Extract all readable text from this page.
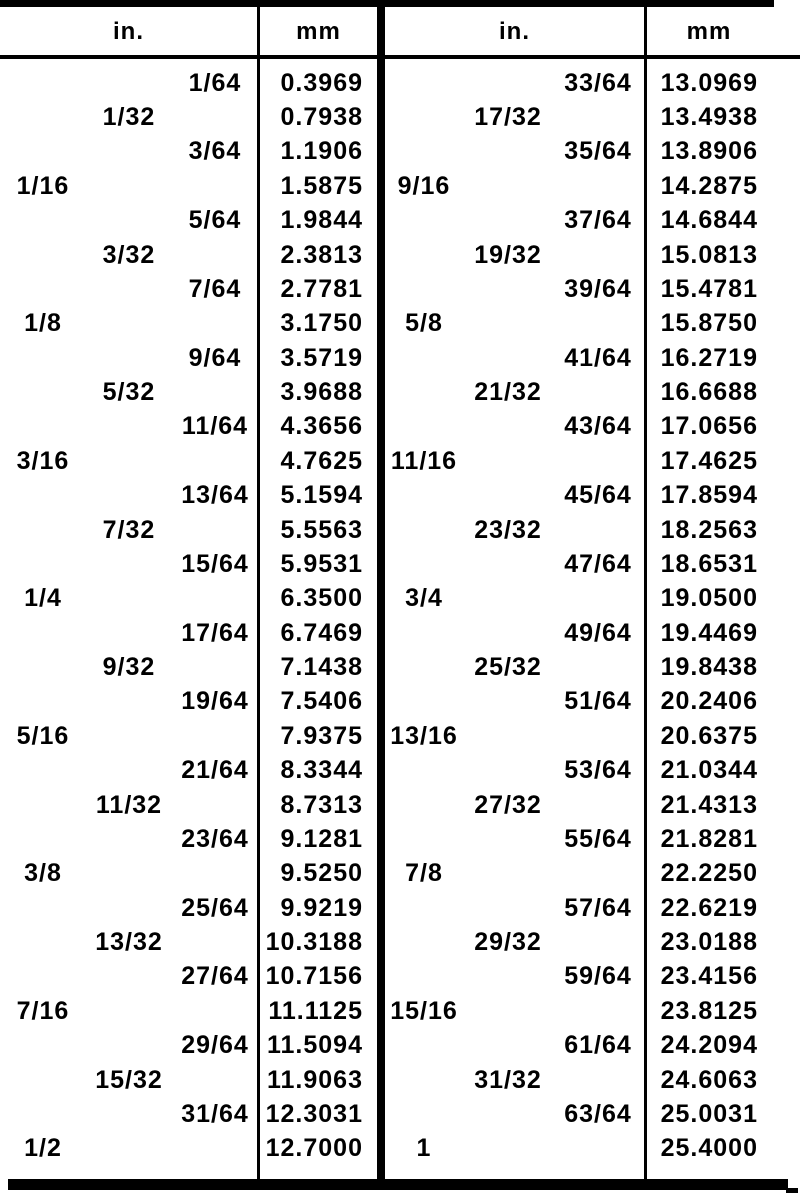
in.	mm	in.	mm
1/64	0.3969
1/32	0.7938
3/64	1.1906
1/16	1.5875
5/64	1.9844
3/32	2.3813
7/64	2.7781
1/8	3.1750
9/64	3.5719
5/32	3.9688
11/64	4.3656
3/16	4.7625
13/64	5.1594
7/32	5.5563
15/64	5.9531
1/4	6.3500
17/64	6.7469
9/32	7.1438
19/64	7.5406
5/16	7.9375
21/64	8.3344
11/32	8.7313
23/64	9.1281
3/8	9.5250
25/64	9.9219
13/32	10.3188
27/64 10.7156
7/16	11.1125
29/64 11.5094
15/32	11.9063
31/64 12.3031
1/2	12.7000
33/64	13.0969
17/32	13.4938
35/64	13.8906
9/16	14.2875
37/64	14.6844
19/32	15.0813
39/64	15.4781
5/8	15.8750
41/64	16.2719
21/32	16.6688
43/64	17.0656
11/16	17.4625
45/64	17.8594
23/32	18.2563
47/64	18.6531
3/4	19.0500
49/64	19.4469
25/32	19.8438
51/64	20.2406
13/16	20.6375
53/64	21.0344
27/32	21.4313
55/64	21.8281
7/8	22.2250
57/64	22.6219
29/32	23.0188
59/64	23.4156
15/16	23.8125
61/64	24.2094
31/32	24.6063
63/64	25.0031
1	25.4000
